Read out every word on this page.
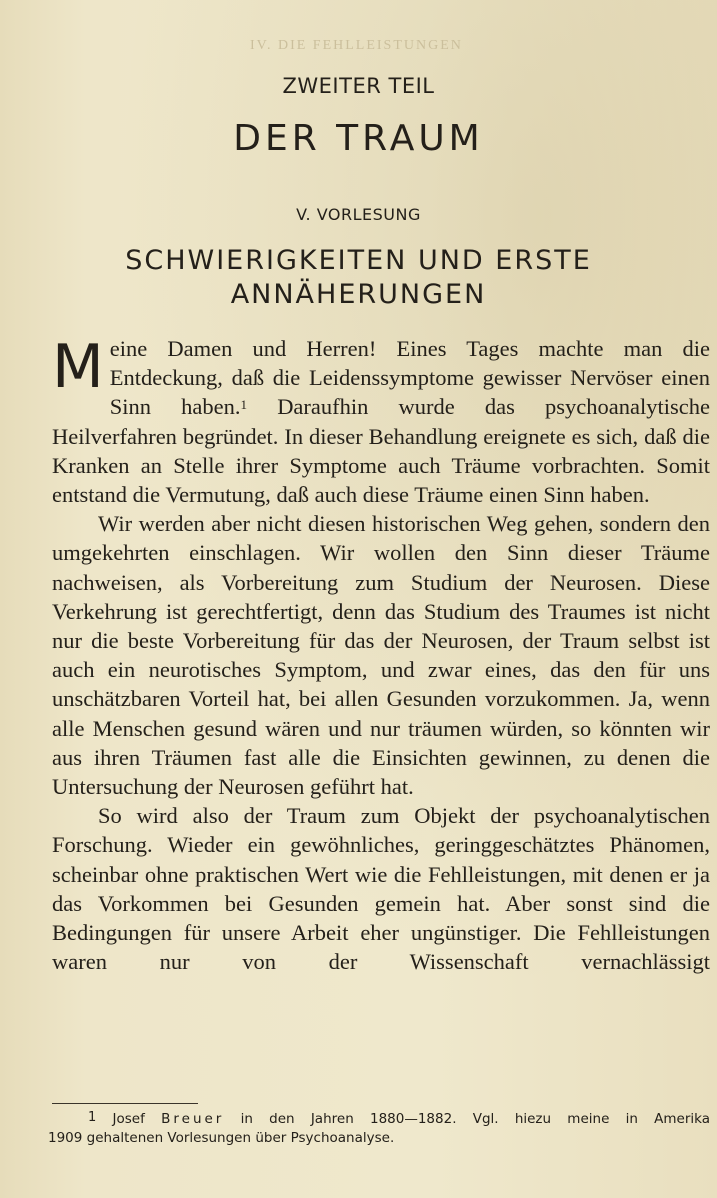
IV. DIE FEHLLEISTUNGEN
ZWEITER TEIL
DER TRAUM
V. VORLESUNG
SCHWIERIGKEITEN UND ERSTE
ANNÄHERUNGEN

Meine Damen und Herren! Eines Tages machte man die Entdeckung, daß die Leidenssymptome gewisser Nervöser einen Sinn haben.$^1$ Daraufhin wurde das psychoanalytische Heilverfahren begründet. In dieser Behandlung ereignete es sich, daß die Kranken an Stelle ihrer Symptome auch Träume vorbrachten. Somit entstand die Vermutung, daß auch diese Träume einen Sinn haben.

Wir werden aber nicht diesen historischen Weg gehen, sondern den umgekehrten einschlagen. Wir wollen den Sinn dieser Träume nachweisen, als Vorbereitung zum Studium der Neurosen. Diese Verkehrung ist gerechtfertigt, denn das Studium des Traumes ist nicht nur die beste Vorbereitung für das der Neurosen, der Traum selbst ist auch ein neurotisches Symptom, und zwar eines, das den für uns unschätzbaren Vorteil hat, bei allen Gesunden vorzukommen. Ja, wenn alle Menschen gesund wären und nur träumen würden, so könnten wir aus ihren Träumen fast alle die Einsichten gewinnen, zu denen die Untersuchung der Neurosen geführt hat.

So wird also der Traum zum Objekt der psychoanalytischen Forschung. Wieder ein gewöhnliches, geringgeschätztes Phänomen, scheinbar ohne praktischen Wert wie die Fehlleistungen, mit denen er ja das Vorkommen bei Gesunden gemein hat. Aber sonst sind die Bedingungen für unsere Arbeit eher ungünstiger. Die Fehlleistungen waren nur von der Wissenschaft vernachlässigt

$^1$ Josef Breuer in den Jahren 1880—1882. Vgl. hiezu meine in Amerika
1909 gehaltenen Vorlesungen über Psychoanalyse.
